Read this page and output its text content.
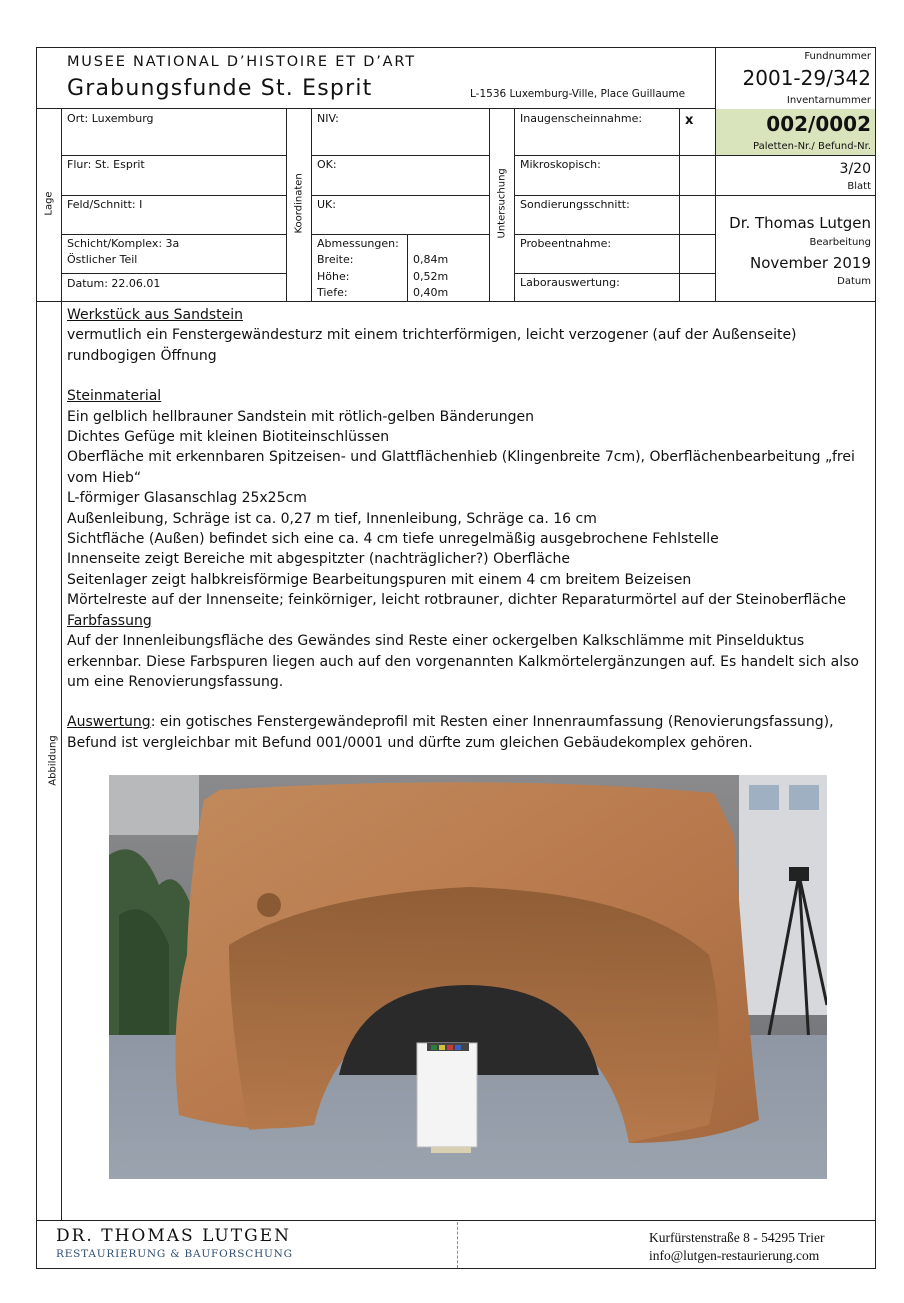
MUSEE NATIONAL D’HISTOIRE ET D’ART
Grabungsfunde St. Esprit	L-1536 Luxemburg-Ville, Place Guillaume
Fundnummer
2001-29/342
Inventarnummer
002/0002
Paletten-Nr./ Befund-Nr.
3/20
Blatt
Dr. Thomas Lutgen
Bearbeitung
November 2019
Datum
Lage	Koordinaten	Untersuchung
Abbildung
Ort: Luxemburg
Flur: St. Esprit
Feld/Schnitt: I
Schicht/Komplex: 3a
Östlicher Teil
Datum: 22.06.01
NIV:
OK:
UK:
Abmessungen:
Breite:	0,84m
Höhe:	0,52m
Tiefe:	0,40m
Inaugenscheinnahme:	x
Mikroskopisch:
Sondierungsschnitt:
Probeentnahme:
Laborauswertung:

Werkstück aus Sandstein

vermutlich ein Fenstergewändesturz mit einem trichterförmigen, leicht verzogener (auf der Außenseite) rundbogigen Öffnung

Steinmaterial

Ein gelblich hellbrauner Sandstein mit rötlich-gelben Bänderungen

Dichtes Gefüge mit kleinen Biotiteinschlüssen

Oberfläche mit erkennbaren Spitzeisen- und Glattflächenhieb (Klingenbreite 7cm), Oberflächenbearbeitung „frei vom Hieb“

L-förmiger Glasanschlag 25x25cm

Außenleibung, Schräge ist ca. 0,27 m tief, Innenleibung, Schräge ca. 16 cm

Sichtfläche (Außen) befindet sich eine ca. 4 cm tiefe unregelmäßig ausgebrochene Fehlstelle

Innenseite zeigt Bereiche mit abgespitzter (nachträglicher?) Oberfläche

Seitenlager zeigt halbkreisförmige Bearbeitungspuren mit einem 4 cm breitem Beizeisen

Mörtelreste auf der Innenseite; feinkörniger, leicht rotbrauner, dichter Reparaturmörtel auf der Steinoberfläche

Farbfassung

Auf der Innenleibungsfläche des Gewändes sind Reste einer ockergelben Kalkschlämme mit Pinselduktus erkennbar. Diese Farbspuren liegen auch auf den vorgenannten Kalkmörtelergänzungen auf. Es handelt sich also um eine Renovierungsfassung.

Auswertung: ein gotisches Fenstergewändeprofil mit Resten einer Innenraumfassung (Renovierungsfassung), Befund ist vergleichbar mit Befund 001/0001 und dürfte zum gleichen Gebäudekomplex gehören.

DR. THOMAS LUTGEN
RESTAURIERUNG & BAUFORSCHUNG
Kurfürstenstraße 8 - 54295 Trier
info@lutgen-restaurierung.com
